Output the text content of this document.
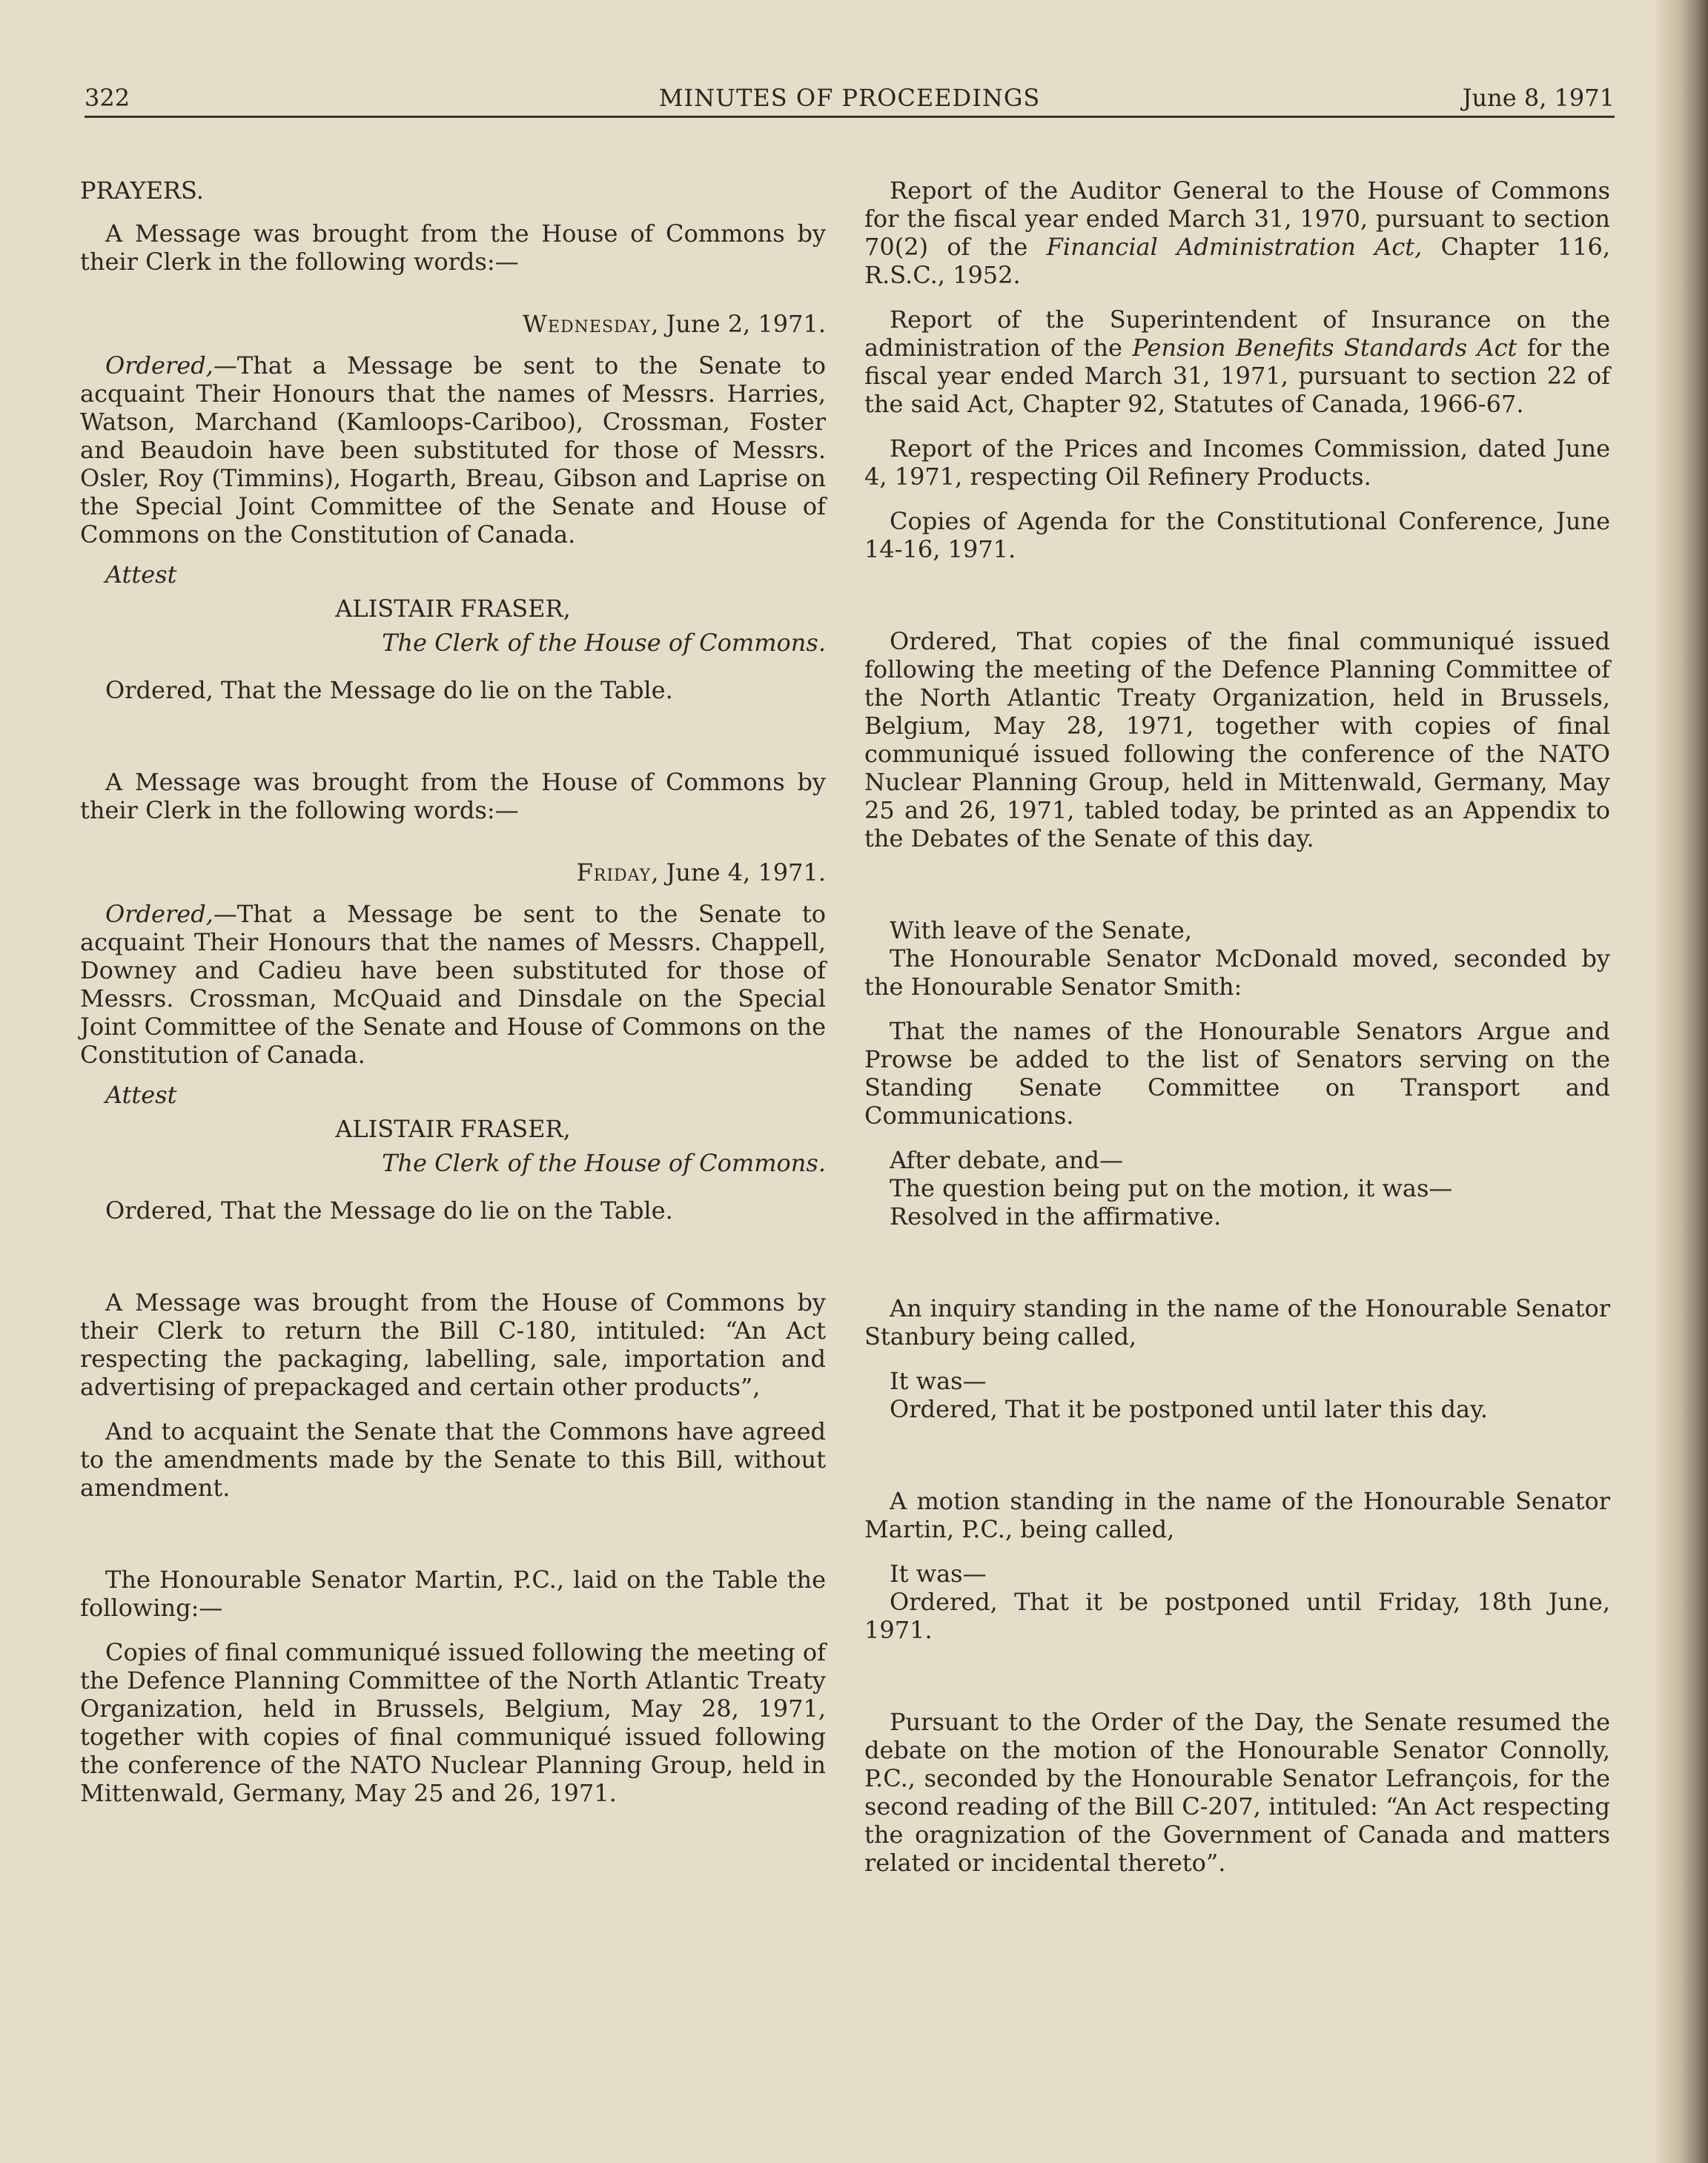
322	MINUTES OF PROCEEDINGS	June 8, 1971

PRAYERS.

A Message was brought from the House of Commons by their Clerk in the following words:—

Wednesday, June 2, 1971.

Ordered,—That a Message be sent to the Senate to acquaint Their Honours that the names of Messrs. Harries, Watson, Marchand (Kamloops-Cariboo), Crossman, Foster and Beaudoin have been substituted for those of Messrs. Osler, Roy (Timmins), Hogarth, Breau, Gibson and Laprise on the Special Joint Committee of the Senate and House of Commons on the Constitution of Canada.

Attest

ALISTAIR FRASER,

The Clerk of the House of Commons.

Ordered, That the Message do lie on the Table.

A Message was brought from the House of Commons by their Clerk in the following words:—

Friday, June 4, 1971.

Ordered,—That a Message be sent to the Senate to acquaint Their Honours that the names of Messrs. Chappell, Downey and Cadieu have been substituted for those of Messrs. Crossman, McQuaid and Dinsdale on the Special Joint Committee of the Senate and House of Commons on the Constitution of Canada.

Attest

ALISTAIR FRASER,

The Clerk of the House of Commons.

Ordered, That the Message do lie on the Table.

A Message was brought from the House of Commons by their Clerk to return the Bill C-180, intituled: “An Act respecting the packaging, labelling, sale, importation and advertising of prepackaged and certain other products”,

And to acquaint the Senate that the Commons have agreed to the amendments made by the Senate to this Bill, without amendment.

The Honourable Senator Martin, P.C., laid on the Table the following:—

Copies of final communiqué issued following the meeting of the Defence Planning Committee of the North Atlantic Treaty Organization, held in Brussels, Belgium, May 28, 1971, together with copies of final communiqué issued following the conference of the NATO Nuclear Planning Group, held in Mittenwald, Germany, May 25 and 26, 1971.

Report of the Auditor General to the House of Commons for the fiscal year ended March 31, 1970, pursuant to section 70(2) of the Financial Administration Act, Chapter 116, R.S.C., 1952.

Report of the Superintendent of Insurance on the administration of the Pension Benefits Standards Act for the fiscal year ended March 31, 1971, pursuant to section 22 of the said Act, Chapter 92, Statutes of Canada, 1966-67.

Report of the Prices and Incomes Commission, dated June 4, 1971, respecting Oil Refinery Products.

Copies of Agenda for the Constitutional Conference, June 14-16, 1971.

Ordered, That copies of the final communiqué issued following the meeting of the Defence Planning Committee of the North Atlantic Treaty Organization, held in Brussels, Belgium, May 28, 1971, together with copies of final communiqué issued following the conference of the NATO Nuclear Planning Group, held in Mittenwald, Germany, May 25 and 26, 1971, tabled today, be printed as an Appendix to the Debates of the Senate of this day.

With leave of the Senate,

The Honourable Senator McDonald moved, seconded by the Honourable Senator Smith:

That the names of the Honourable Senators Argue and Prowse be added to the list of Senators serving on the Standing Senate Committee on Transport and Communications.

After debate, and—

The question being put on the motion, it was—

Resolved in the affirmative.

An inquiry standing in the name of the Honourable Senator Stanbury being called,

It was—

Ordered, That it be postponed until later this day.

A motion standing in the name of the Honourable Senator Martin, P.C., being called,

It was—

Ordered, That it be postponed until Friday, 18th June, 1971.

Pursuant to the Order of the Day, the Senate resumed the debate on the motion of the Honourable Senator Connolly, P.C., seconded by the Honourable Senator Lefrançois, for the second reading of the Bill C-207, intituled: “An Act respecting the oragnization of the Government of Canada and matters related or incidental thereto”.
